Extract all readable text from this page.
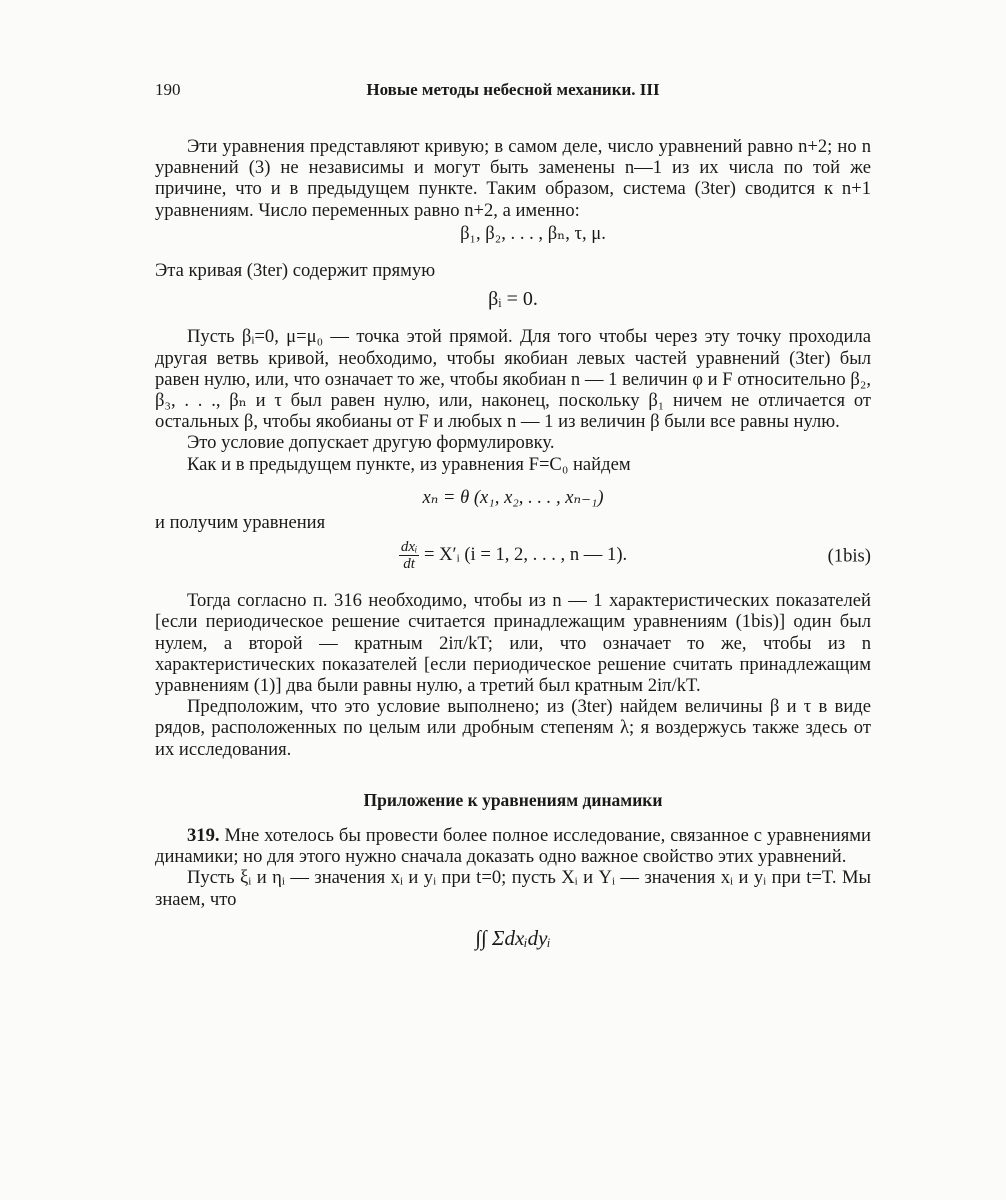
190	Новые методы небесной механики. III

Эти уравнения представляют кривую; в самом деле, число уравнений равно n+2; но n уравнений (3) не независимы и могут быть заменены n—1 из их числа по той же причине, что и в предыдущем пункте. Таким образом, система (3ter) сводится к n+1 уравнениям. Число переменных равно n+2, а именно:

β₁, β₂, . . . , βₙ, τ, μ.

Эта кривая (3ter) содержит прямую

βᵢ = 0.

Пусть βᵢ=0, μ=μ₀ — точка этой прямой. Для того чтобы через эту точку проходила другая ветвь кривой, необходимо, чтобы якобиан левых частей уравнений (3ter) был равен нулю, или, что означает то же, чтобы якобиан n — 1 величин φ и F относительно β₂, β₃, . . ., βₙ и τ был равен нулю, или, наконец, поскольку β₁ ничем не отличается от остальных β, чтобы якобианы от F и любых n — 1 из величин β были все равны нулю.

Это условие допускает другую формулировку.

Как и в предыдущем пункте, из уравнения F=C₀ найдем

xₙ = θ (x₁, x₂, . . . , xₙ₋₁)

и получим уравнения

$\frac{\text{dxᵢ}}{dt}$ = X′ᵢ (i = 1, 2, . . . , n — 1).	(1bis)

Тогда согласно п. 316 необходимо, чтобы из n — 1 характеристических показателей [если периодическое решение считается принадлежащим уравнениям (1bis)] один был нулем, а второй — кратным 2iπ/kT; или, что означает то же, чтобы из n характеристических показателей [если периодическое решение считать принадлежащим уравнениям (1)] два были равны нулю, а третий был кратным 2iπ/kT.

Предположим, что это условие выполнено; из (3ter) найдем величины β и τ в виде рядов, расположенных по целым или дробным степеням λ; я воздержусь также здесь от их исследования.

Приложение к уравнениям динамики

319. Мне хотелось бы провести более полное исследование, связанное с уравнениями динамики; но для этого нужно сначала доказать одно важное свойство этих уравнений.

Пусть ξᵢ и ηᵢ — значения xᵢ и yᵢ при t=0; пусть Xᵢ и Yᵢ — значения xᵢ и yᵢ при t=T. Мы знаем, что

∫∫ Σdxᵢdyᵢ
